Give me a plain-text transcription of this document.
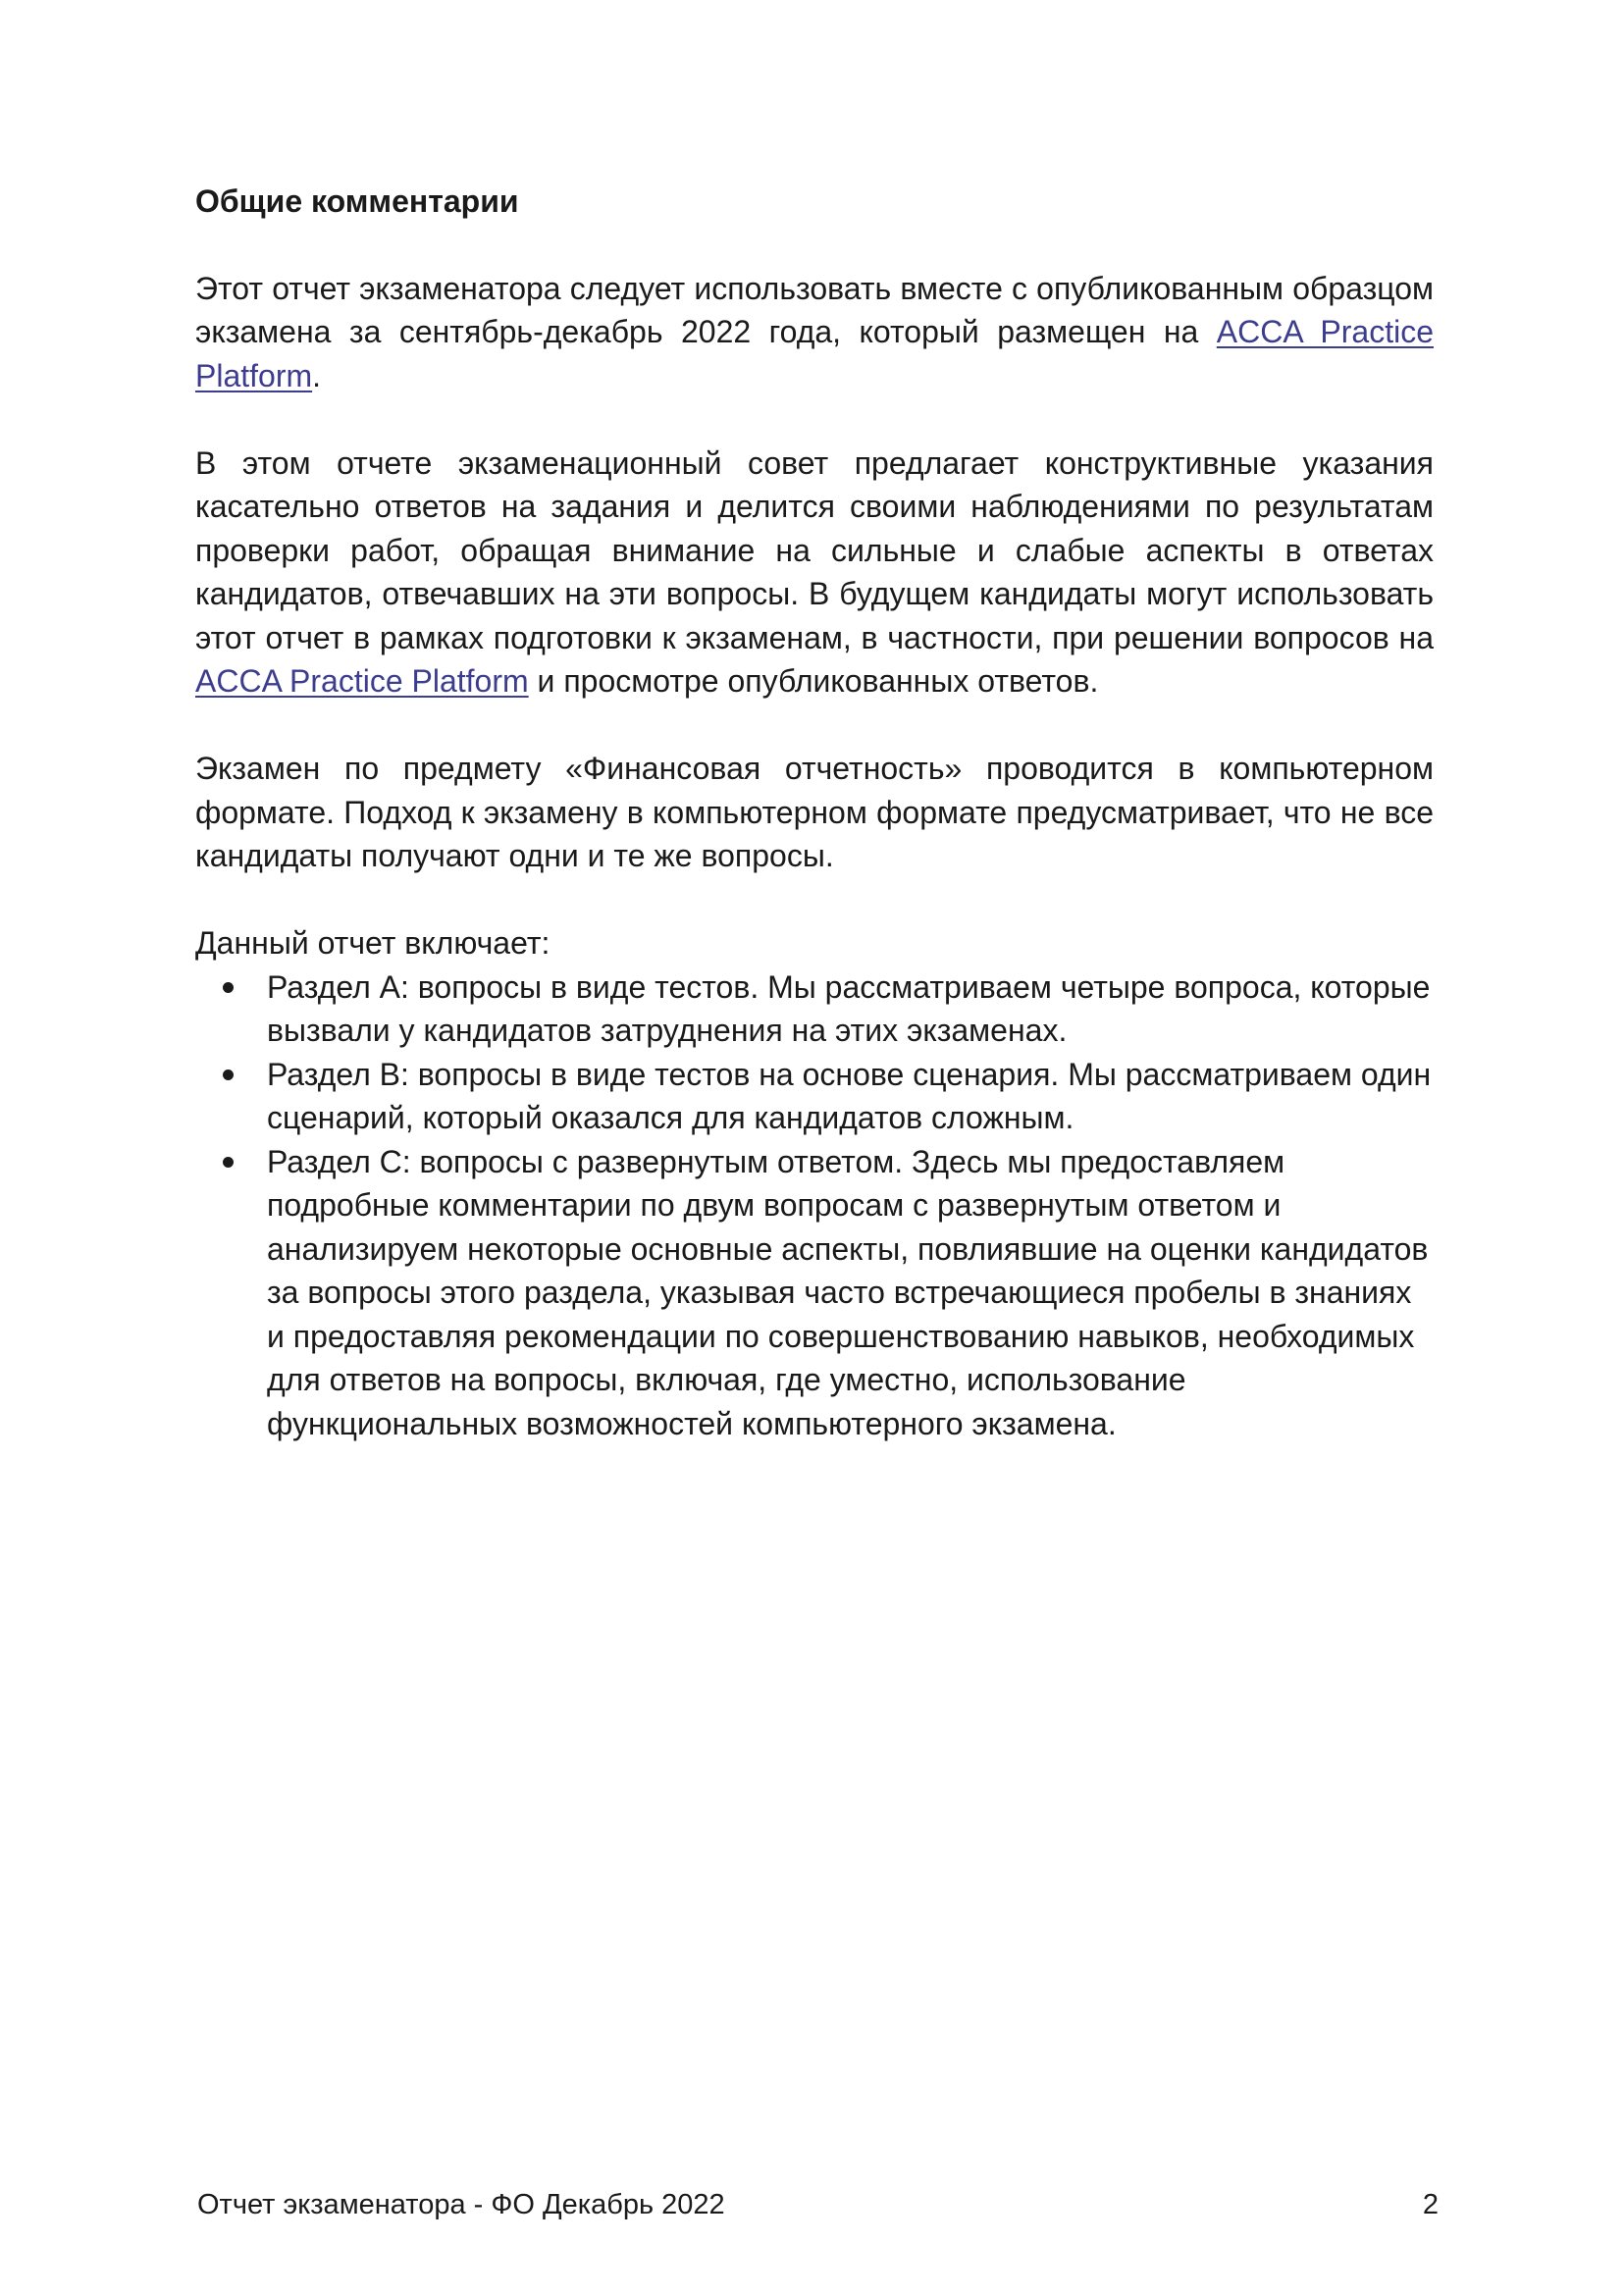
Общие комментарии

Этот отчет экзаменатора следует использовать вместе с опубликованным образцом экзамена за сентябрь-декабрь 2022 года, который размещен на ACCA Practice Platform.

В этом отчете экзаменационный совет предлагает конструктивные указания касательно ответов на задания и делится своими наблюдениями по результатам проверки работ, обращая внимание на сильные и слабые аспекты в ответах кандидатов, отвечавших на эти вопросы. В будущем кандидаты могут использовать этот отчет в рамках подготовки к экзаменам, в частности, при решении вопросов на ACCA Practice Platform и просмотре опубликованных ответов.

Экзамен по предмету «Финансовая отчетность» проводится в компьютерном формате. Подход к экзамену в компьютерном формате предусматривает, что не все кандидаты получают одни и те же вопросы.

Данный отчет включает:

Раздел A: вопросы в виде тестов. Мы рассматриваем четыре вопроса, которые вызвали у кандидатов затруднения на этих экзаменах.
Раздел B: вопросы в виде тестов на основе сценария. Мы рассматриваем один сценарий, который оказался для кандидатов сложным.
Раздел C: вопросы с развернутым ответом. Здесь мы предоставляем подробные комментарии по двум вопросам с развернутым ответом и анализируем некоторые основные аспекты, повлиявшие на оценки кандидатов за вопросы этого раздела, указывая часто встречающиеся пробелы в знаниях и предоставляя рекомендации по совершенствованию навыков, необходимых для ответов на вопросы, включая, где уместно, использование функциональных возможностей компьютерного экзамена.
Отчет экзаменатора - ФО Декабрь 2022	2
